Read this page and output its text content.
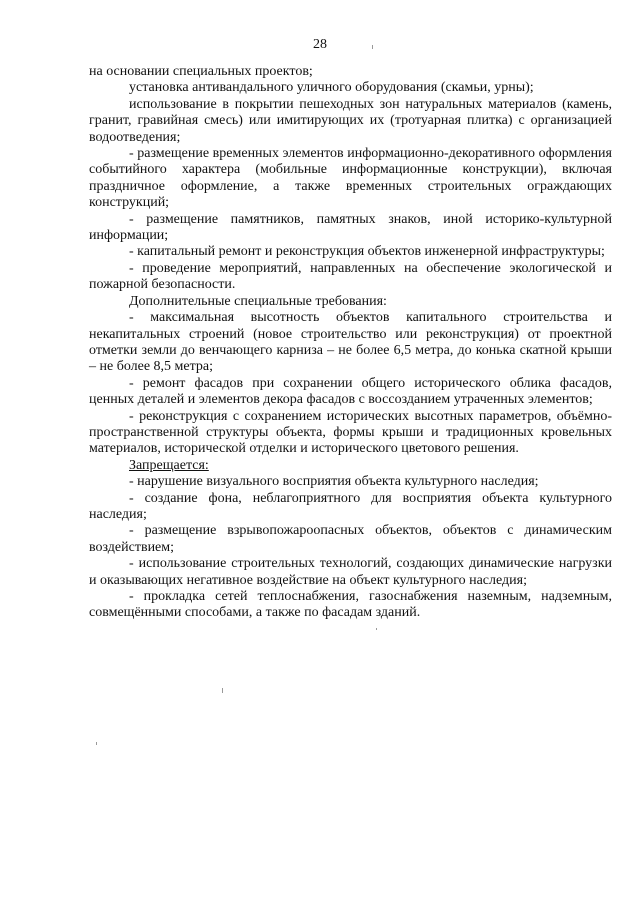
28

на основании специальных проектов;

установка антивандального уличного оборудования (скамьи, урны);

использование в покрытии пешеходных зон натуральных материалов (камень, гранит, гравийная смесь) или имитирующих их (тротуарная плитка) с организацией водоотведения;

- размещение временных элементов информационно-декоративного оформления событийного характера (мобильные информационные конструкции), включая праздничное оформление, а также временных строительных ограждающих конструкций;

- размещение памятников, памятных знаков, иной историко-культурной информации;

- капитальный ремонт и реконструкция объектов инженерной инфраструктуры;

- проведение мероприятий, направленных на обеспечение экологической и пожарной безопасности.

Дополнительные специальные требования:

- максимальная высотность объектов капитального строительства и некапитальных строений (новое строительство или реконструкция) от проектной отметки земли до венчающего карниза – не более 6,5 метра, до конька скатной крыши – не более 8,5 метра;

- ремонт фасадов при сохранении общего исторического облика фасадов, ценных деталей и элементов декора фасадов с воссозданием утраченных элементов;

- реконструкция с сохранением исторических высотных параметров, объёмно-пространственной структуры объекта, формы крыши и традиционных кровельных материалов, исторической отделки и исторического цветового решения.

Запрещается:

- нарушение визуального восприятия объекта культурного наследия;

- создание фона, неблагоприятного для восприятия объекта культурного наследия;

- размещение взрывопожароопасных объектов, объектов с динамическим воздействием;

- использование строительных технологий, создающих динамические нагрузки и оказывающих негативное воздействие на объект культурного наследия;

- прокладка сетей теплоснабжения, газоснабжения наземным, надземным, совмещёнными способами, а также по фасадам зданий.
